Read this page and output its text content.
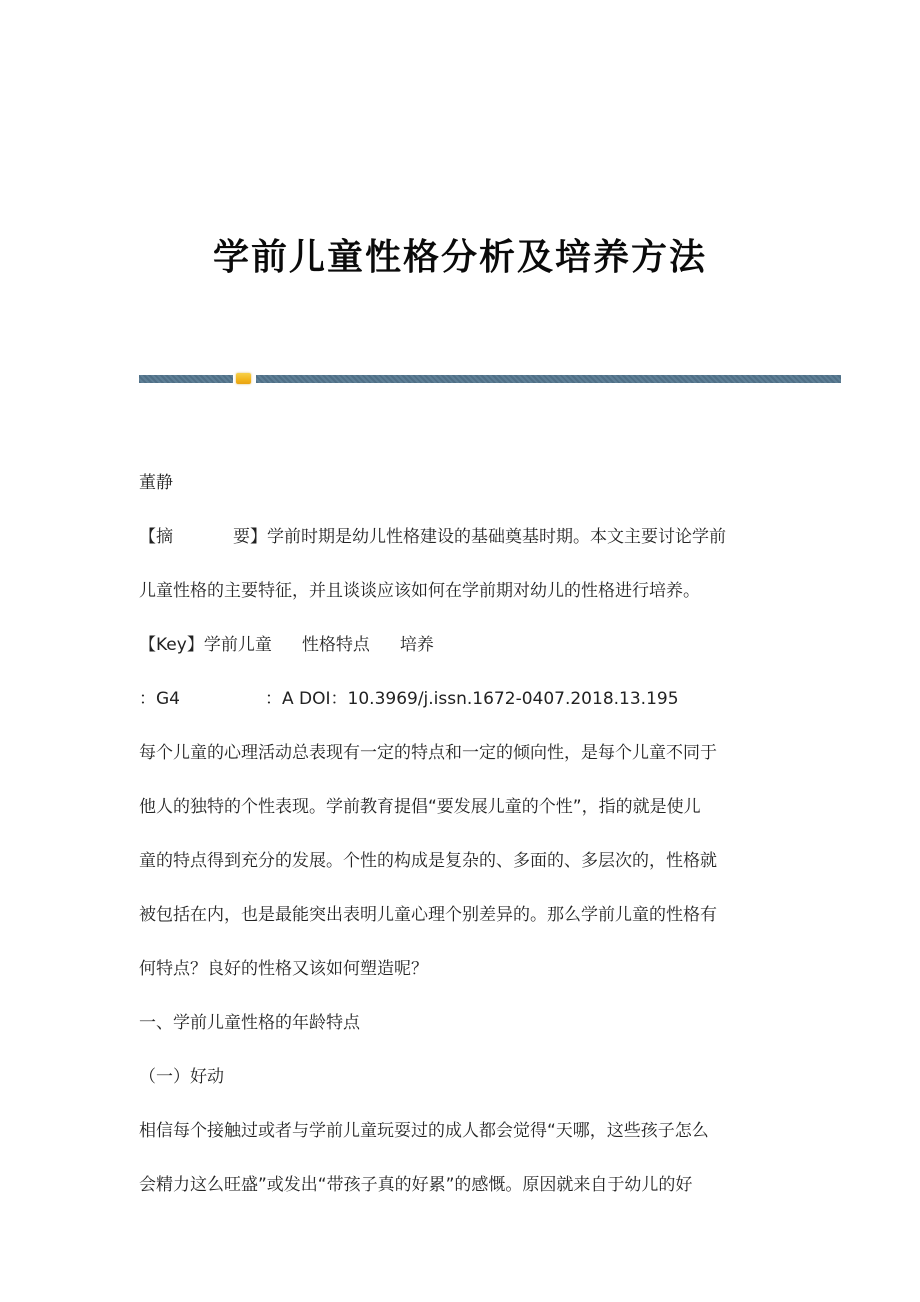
学前儿童性格分析及培养方法
董静
【摘	要】学前时期是幼儿性格建设的基础奠基时期。本文主要讨论学前
儿童性格的主要特征，并且谈谈应该如何在学前期对幼儿的性格进行培养。
【Key】学前儿童 性格特点 培养
：G4	：A DOI：10.3969/j.issn.1672-0407.2018.13.195
每个儿童的心理活动总表现有一定的特点和一定的倾向性，是每个儿童不同于
他人的独特的个性表现。学前教育提倡“要发展儿童的个性”，指的就是使儿
童的特点得到充分的发展。个性的构成是复杂的、多面的、多层次的，性格就
被包括在内，也是最能突出表明儿童心理个别差异的。那么学前儿童的性格有
何特点？良好的性格又该如何塑造呢？
一、学前儿童性格的年龄特点
（一）好动
相信每个接触过或者与学前儿童玩耍过的成人都会觉得“天哪，这些孩子怎么
会精力这么旺盛”或发出“带孩子真的好累”的感慨。原因就来自于幼儿的好
